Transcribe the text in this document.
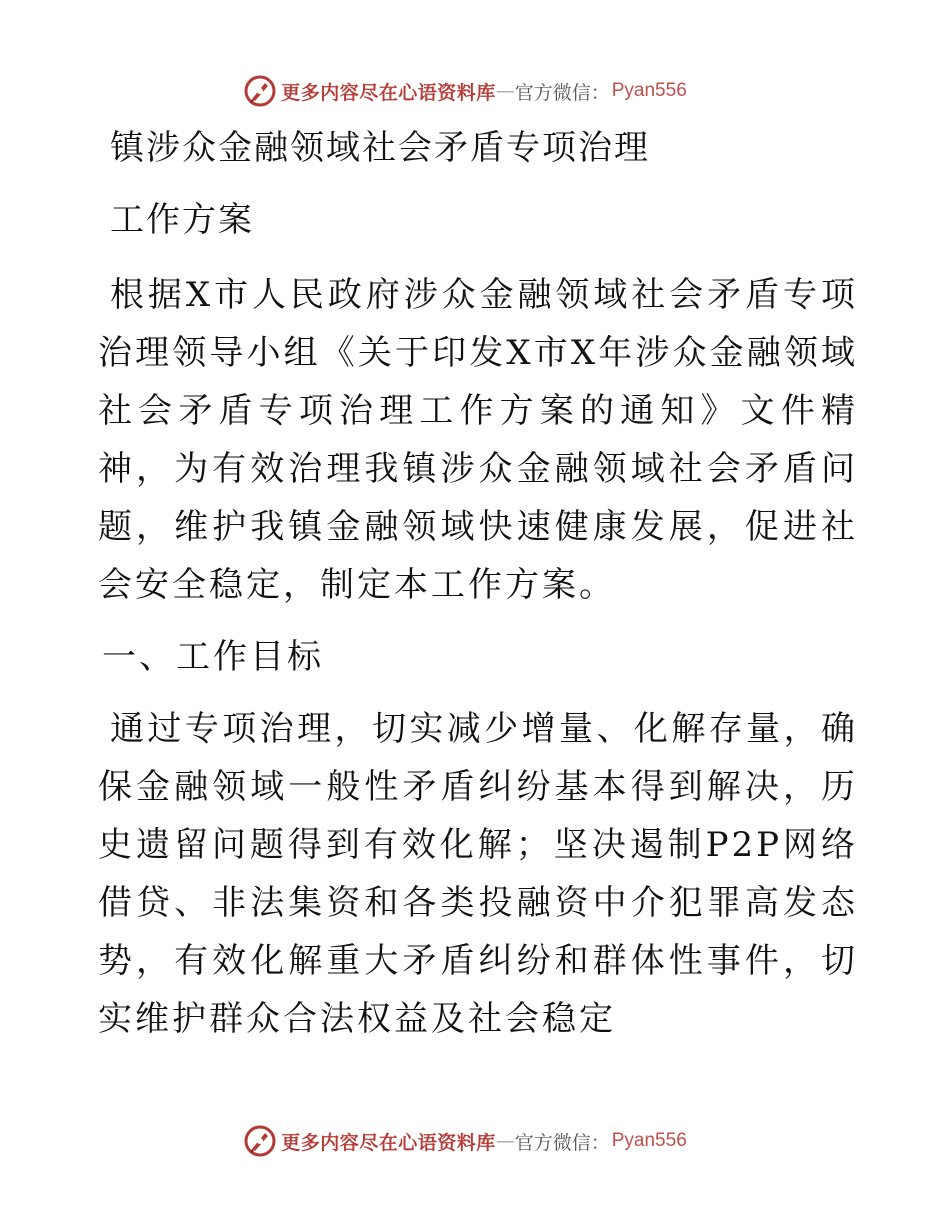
更多内容尽在心语资料库 — 官方微信： Pyan556
镇涉众金融领域社会矛盾专项治理
工作方案

根据X市人民政府涉众金融领域社会矛盾专项治理领导小组《关于印发X市X年涉众金融领域社会矛盾专项治理工作方案的通知》文件精神，为有效治理我镇涉众金融领域社会矛盾问题，维护我镇金融领域快速健康发展，促进社会安全稳定，制定本工作方案。

一、工作目标

通过专项治理，切实减少增量、化解存量，确保金融领域一般性矛盾纠纷基本得到解决，历史遗留问题得到有效化解；坚决遏制P2P网络借贷、非法集资和各类投融资中介犯罪高发态势，有效化解重大矛盾纠纷和群体性事件，切实维护群众合法权益及社会稳定

更多内容尽在心语资料库 — 官方微信： Pyan556
